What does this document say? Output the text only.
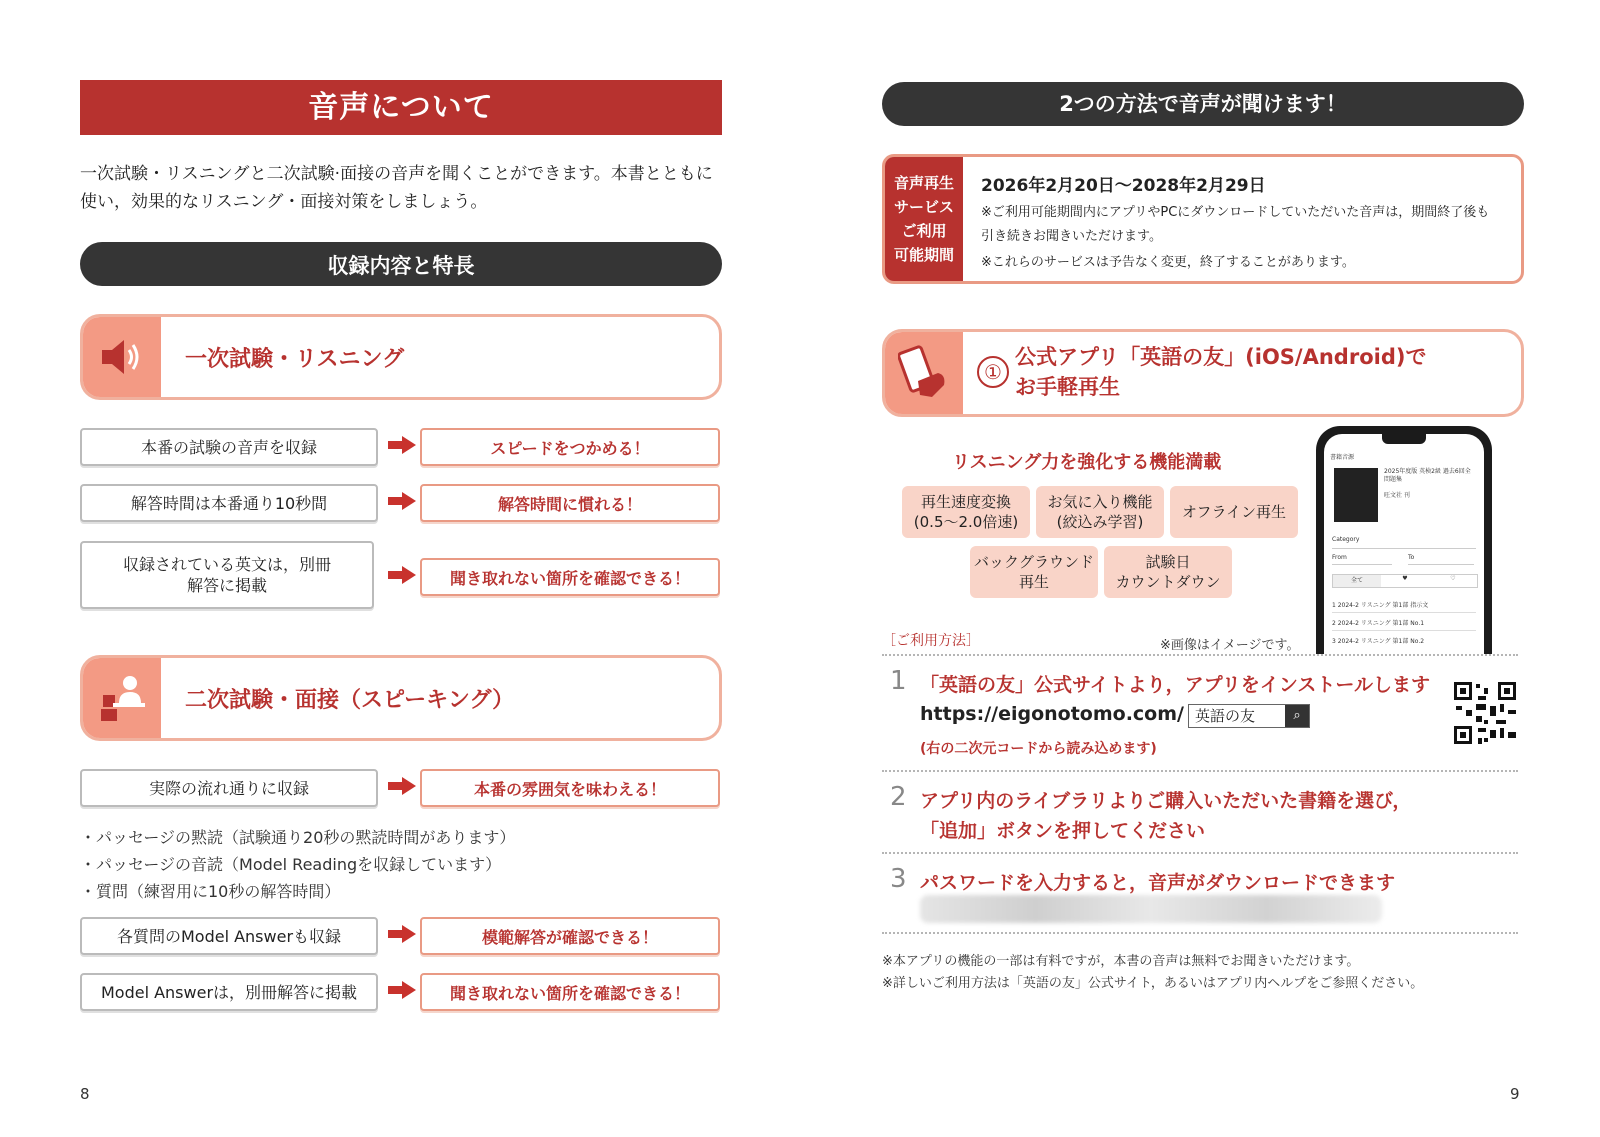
音声について
一次試験・リスニングと二次試験·面接の音声を聞くことができます。本書とともに使い，効果的なリスニング・面接対策をしましょう。
収録内容と特長
一次試験・リスニング
本番の試験の音声を収録	スピードをつかめる！
解答時間は本番通り10秒間	解答時間に慣れる！
収録されている英文は，別冊解答に掲載	聞き取れない箇所を確認できる！
二次試験・面接（スピーキング）
実際の流れ通りに収録	本番の雰囲気を味わえる！
・パッセージの黙読（試験通り20秒の黙読時間があります）
・パッセージの音読（Model Readingを収録しています）
・質問（練習用に10秒の解答時間）
各質問のModel Answerも収録	模範解答が確認できる！
Model Answerは，別冊解答に掲載	聞き取れない箇所を確認できる！
8
2つの方法で音声が聞けます！
音声再生
サービス
ご利用
可能期間
2026年2月20日〜2028年2月29日
※ご利用可能期間内にアプリやPCにダウンロードしていただいた音声は，期間終了後も引き続きお聞きいただけます。
※これらのサービスは予告なく変更，終了することがあります。
①
公式アプリ「英語の友」(iOS/Android)で
お手軽再生
リスニング力を強化する機能満載
再生速度変換
(0.5〜2.0倍速)
お気に入り機能
(絞込み学習)
オフライン再生
バックグラウンド
再生
試験日
カウントダウン
書籍音源
2025年度版 英検2級 過去6回全問題集
旺文社 刊
Category
From	To
全て	♥	♡
1 2024-2 リスニング 第1部 指示文
2 2024-2 リスニング 第1部 No.1
3 2024-2 リスニング 第1部 No.2
［ご利用方法］	※画像はイメージです。
1 「英語の友」公式サイトより，アプリをインストールします
https://eigonotomo.com/ 英語の友	⌕
(右の二次元コードから読み込めます)
2 アプリ内のライブラリよりご購入いただいた書籍を選び，
「追加」ボタンを押してください
3 パスワードを入力すると，音声がダウンロードできます
※本アプリの機能の一部は有料ですが，本書の音声は無料でお聞きいただけます。
※詳しいご利用方法は「英語の友」公式サイト，あるいはアプリ内ヘルプをご参照ください。
9
